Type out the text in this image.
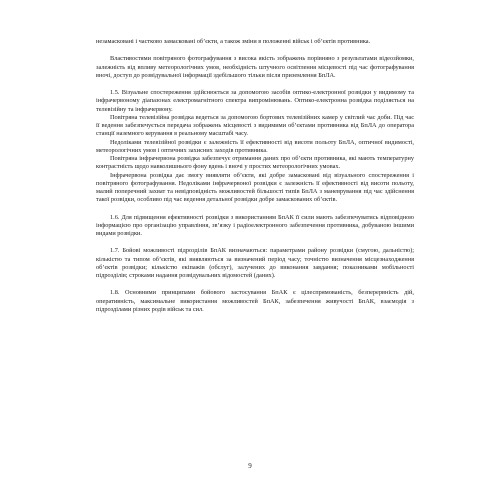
незамасковані і частково замасковані об’єкти, а також зміни в положенні військ і об’єктів противника.

Властивостями повітряного фотографування з висока якість зображень порівняно з результатами відеозйомки, залежність від впливу метеорологічних умов, необхідність штучного освітлення місцевості під час фотографування вночі, доступ до розвідувальної інформації здебільшого тільки після приземлення БпЛА.

1.5. Візуальне спостереження здійснюється за допомогою засобів оптико-електронної розвідки у видимому та інфрачервоному діапазонах електромагнітного спектра випромінювань. Оптико-електронна розвідка поділяється на телевізійну та інфрачервону.

Повітряна телевізійна розвідка ведеться за допомогою бортових телевізійних камер у світлий час доби. Під час її ведення забезпечується передача зображень місцевості з видимими об’єктами противника від БпЛА до оператора станції наземного керування в реальному масштабі часу.

Недоліками телевізійної розвідки є залежність її ефективності від висоти польоту БпЛА, оптичної видимості, метеорологічних умов і оптичних захисних заходів противника.

Повітряна інфрачервона розвідка забезпечує отримання даних про об’єкти противника, які мають температурну контрастність щодо навколишнього фону вдень і вночі у простих метеорологічних умовах.

Інфрачервона розвідка дає змогу виявляти об’єкти, які добре замасковані від візуального спостереження і повітряного фотографування. Недоліками інфрачервоної розвідки є залежність її ефективності від висоти польоту, малий поперечний захват та невідповідність можливостей більшості типів БпЛА з маневрування під час здійснення такої розвідки, особливо під час ведення детальної розвідки добре замаскованих об’єктів.

1.6. Для підвищення ефективності розвідки з використанням БпАК її сили мають забезпечуватись відповідною інформацією про організацію управління, зв’язку і радіоелектронного забезпечення противника, добуваною іншими видами розвідки.

1.7. Бойові можливості підрозділів БпАК визначаються: параметрами району розвідки (смугою, дальністю); кількістю та типом об’єктів, які виявляються за визначений період часу; точністю визначення місцезнаходження об’єктів розвідки; кількістю екіпажів (обслуг), залучених до виконання завдання; показниками мобільності підрозділів; строками надання розвідувальних відомостей (даних).

1.8. Основними принципами бойового застосування БпАК є цілеспрямованість, безперервність дій, оперативність, максимальне використання можливостей БпАК, забезпечення живучості БпАК, взаємодія з підрозділами різних родів військ та сил.

9
